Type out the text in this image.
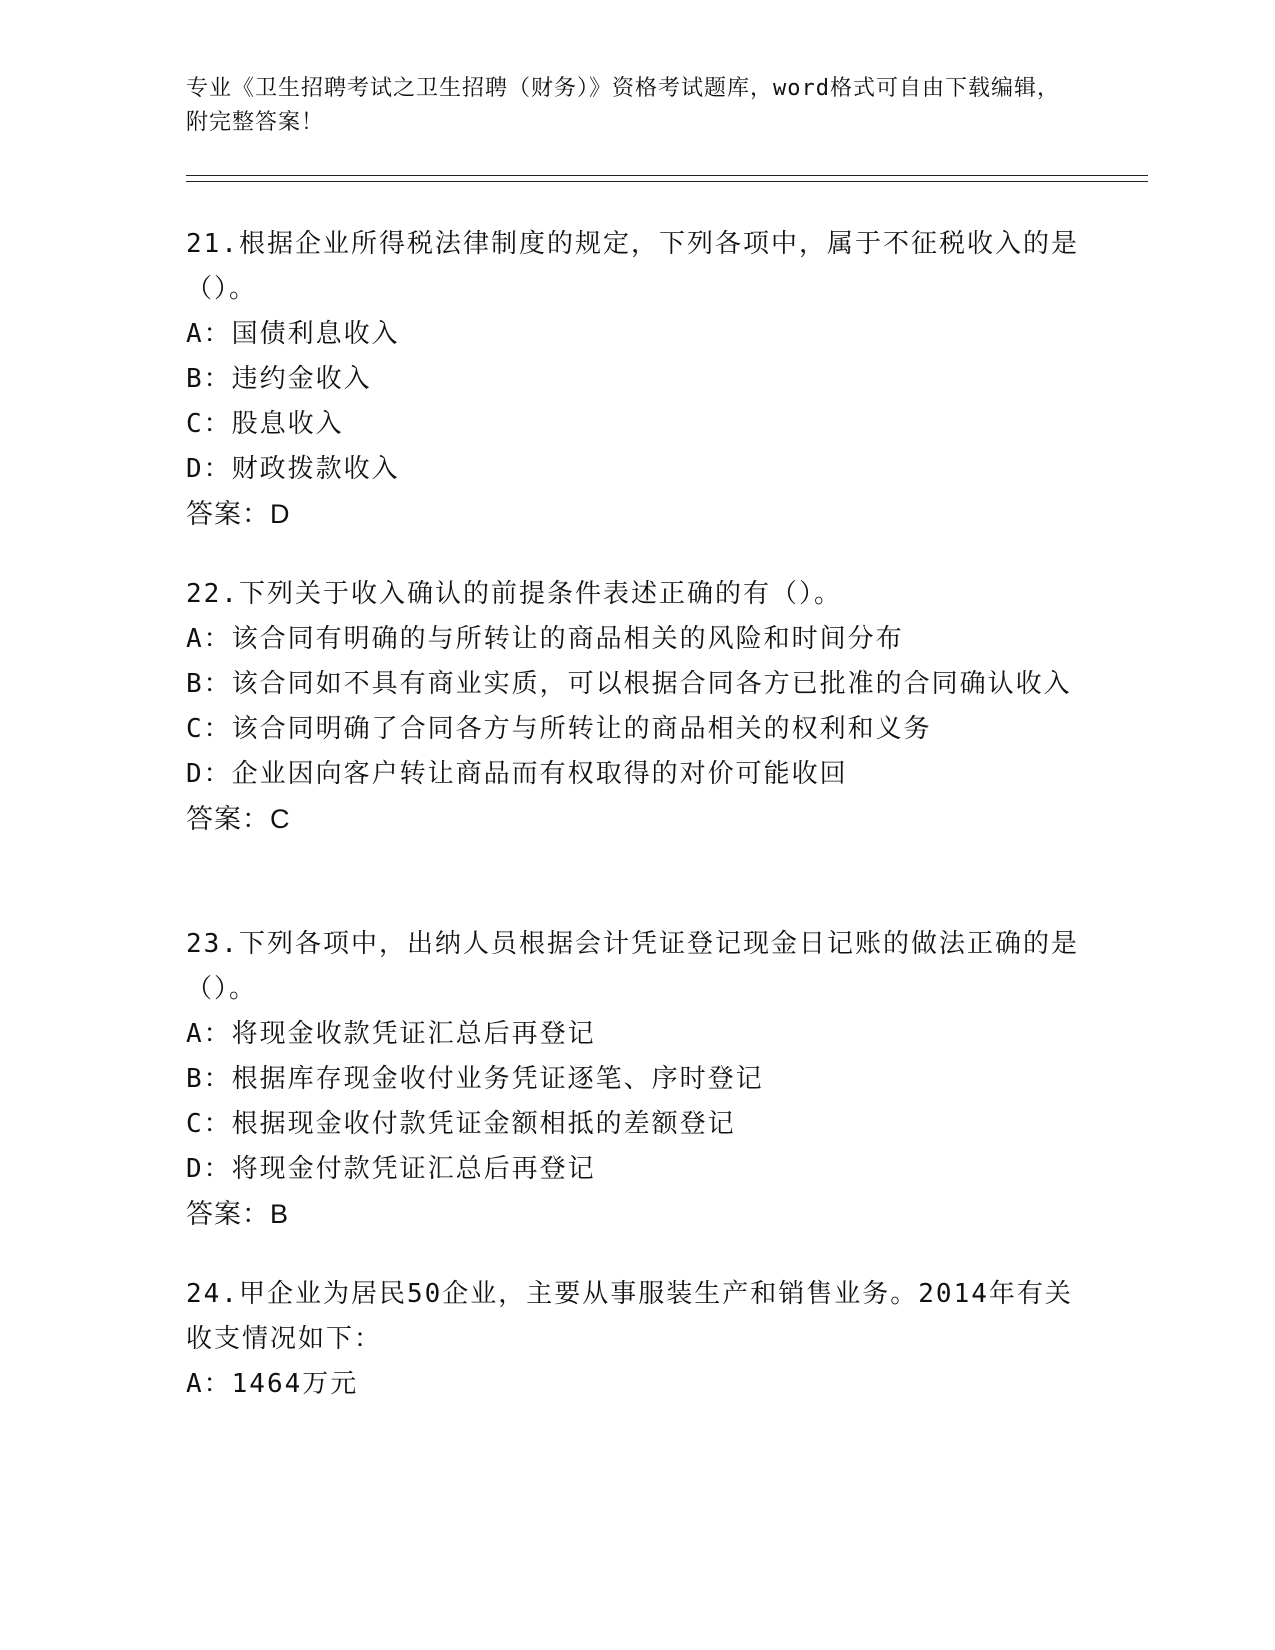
专业《卫生招聘考试之卫生招聘（财务）》资格考试题库，word格式可自由下载编辑，附完整答案！
21.根据企业所得税法律制度的规定，下列各项中，属于不征税收入的是（）。
A：国债利息收入
B：违约金收入
C：股息收入
D：财政拨款收入
答案：D
22.下列关于收入确认的前提条件表述正确的有（）。
A：该合同有明确的与所转让的商品相关的风险和时间分布
B：该合同如不具有商业实质，可以根据合同各方已批准的合同确认收入
C：该合同明确了合同各方与所转让的商品相关的权利和义务
D：企业因向客户转让商品而有权取得的对价可能收回
答案：C
23.下列各项中，出纳人员根据会计凭证登记现金日记账的做法正确的是（）。
A：将现金收款凭证汇总后再登记
B：根据库存现金收付业务凭证逐笔、序时登记
C：根据现金收付款凭证金额相抵的差额登记
D：将现金付款凭证汇总后再登记
答案：B
24.甲企业为居民50企业，主要从事服装生产和销售业务。2014年有关收支情况如下：
A：1464万元
